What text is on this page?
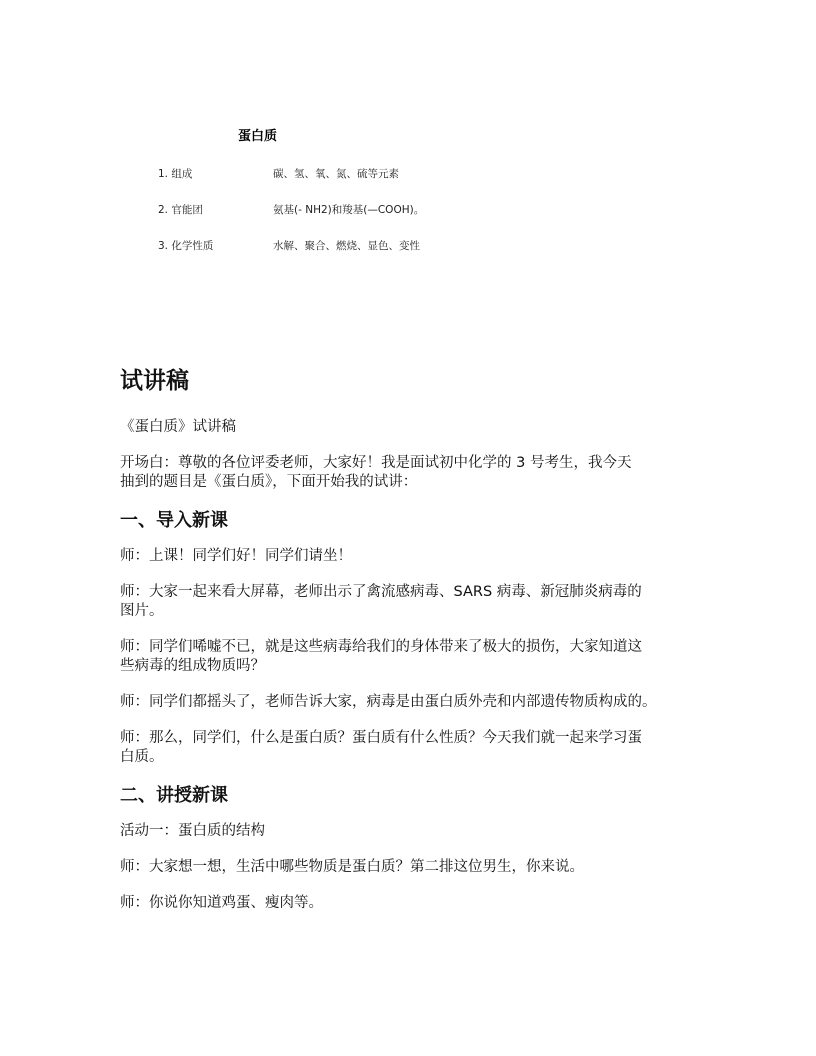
蛋白质
1. 组成	碳、氢、氧、氮、硫等元素
2. 官能团	氨基(- NH2)和羧基(—COOH)。
3. 化学性质	水解、聚合、燃烧、显色、变性
试讲稿

《蛋白质》试讲稿

开场白：尊敬的各位评委老师，大家好！我是面试初中化学的 3 号考生，我今天
抽到的题目是《蛋白质》，下面开始我的试讲：

一、导入新课

师：上课！同学们好！同学们请坐！

师：大家一起来看大屏幕，老师出示了禽流感病毒、SARS 病毒、新冠肺炎病毒的
图片。

师：同学们唏嘘不已，就是这些病毒给我们的身体带来了极大的损伤，大家知道这
些病毒的组成物质吗？

师：同学们都摇头了，老师告诉大家，病毒是由蛋白质外壳和内部遗传物质构成的。

师：那么，同学们，什么是蛋白质？蛋白质有什么性质？今天我们就一起来学习蛋
白质。

二、讲授新课

活动一：蛋白质的结构

师：大家想一想，生活中哪些物质是蛋白质？第二排这位男生，你来说。

师：你说你知道鸡蛋、瘦肉等。
